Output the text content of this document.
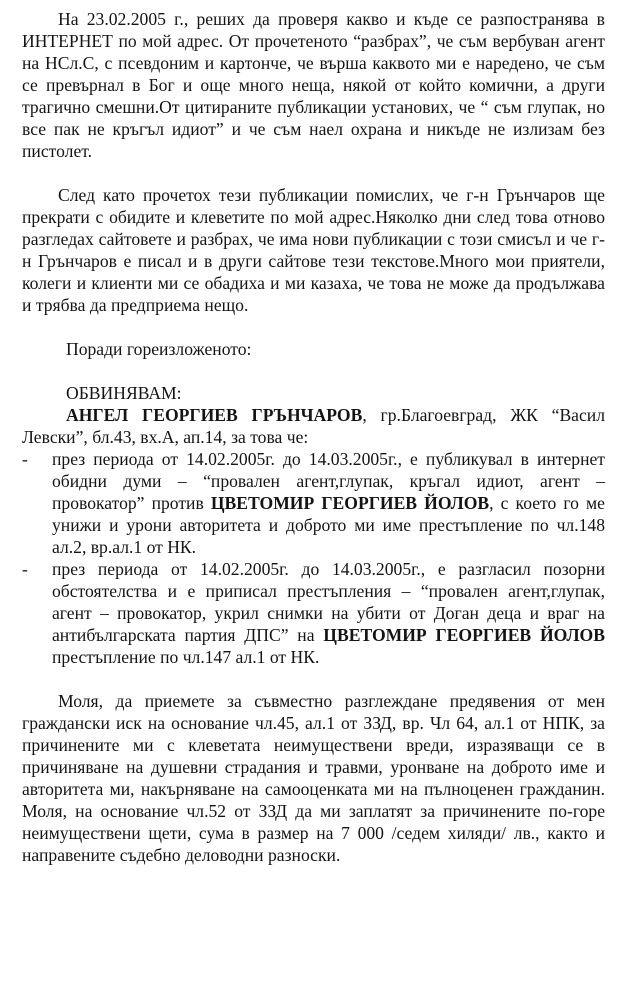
На 23.02.2005 г., реших да проверя какво и къде се разпостранява в ИНТЕРНЕТ по мой адрес. От прочетеното “разбрах”, че съм вербуван агент на НСл.С, с псевдоним и картонче, че върша каквото ми е наредено, че съм се превърнал в Бог и още много неща, някой от който комични, а други трагично смешни.От цитираните публикации установих, че “ съм глупак, но все пак не кръгъл идиот” и че съм наел охрана и никъде не излизам без пистолет.

След като прочетох тези публикации помислих, че г-н Грънчаров ще прекрати с обидите и клеветите по мой адрес.Няколко дни след това отново разгледах сайтовете и разбрах, че има нови публикации с този смисъл и че г-н Грънчаров е писал и в други сайтове тези текстове.Много мои приятели, колеги и клиенти ми се обадиха и ми казаха, че това не може да продължава и трябва да предприема нещо.

Поради гореизложеното:

ОБВИНЯВАМ:

АНГЕЛ ГЕОРГИЕВ ГРЪНЧАРОВ, гр.Благоевград, ЖК “Васил Левски”, бл.43, вх.А, ап.14, за това че:

- през периода от 14.02.2005г. до 14.03.2005г., е публикувал в интернет обидни думи – “провален агент,глупак, кръгал идиот, агент – провокатор” против ЦВЕТОМИР ГЕОРГИЕВ ЙОЛОВ, с което го ме унижи и урони авторитета и доброто ми име престъпление по чл.148 ал.2, вр.ал.1 от НК.
- през периода от 14.02.2005г. до 14.03.2005г., е разгласил позорни обстоятелства и е приписал престъпления – “провален агент,глупак, агент – провокатор, укрил снимки на убити от Доган деца и враг на антибългарската партия ДПС” на ЦВЕТОМИР ГЕОРГИЕВ ЙОЛОВ престъпление по чл.147 ал.1 от НК.

Моля, да приемете за съвместно разглеждане предявения от мен граждански иск на основание чл.45, ал.1 от ЗЗД, вр. Чл 64, ал.1 от НПК, за причинените ми с клеветата неимуществени вреди, изразяващи се в причиняване на душевни страдания и травми, уронване на доброто име и авторитета ми, накърняване на самооценката ми на пълноценен гражданин. Моля, на основание чл.52 от ЗЗД да ми заплатят за причинените по-горе неимуществени щети, сума в размер на 7 000 /седем хиляди/ лв., както и направените съдебно деловодни разноски.
